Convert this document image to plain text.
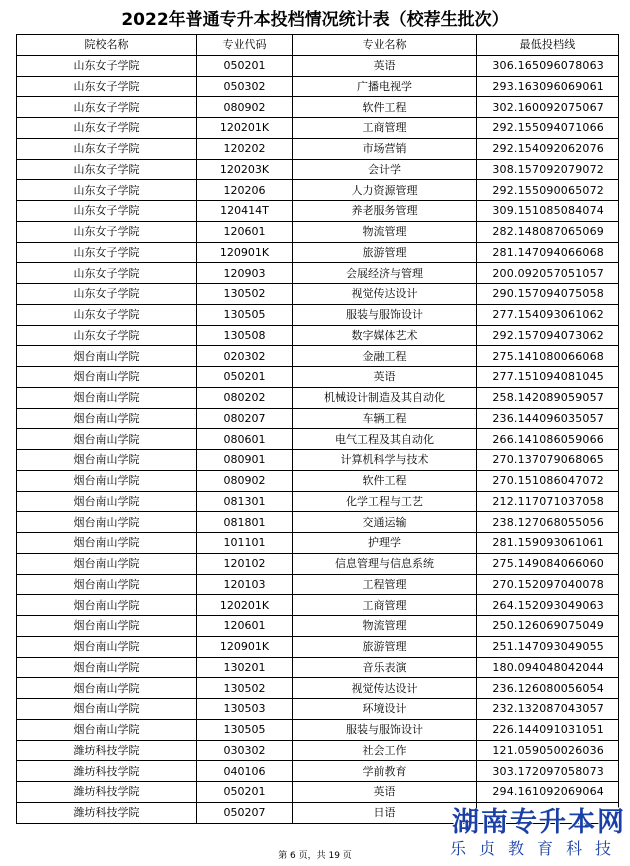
2022年普通专升本投档情况统计表（校荐生批次）
院校名称	专业代码	专业名称	最低投档线
山东女子学院	050201	英语	306.165096078063
山东女子学院	050302	广播电视学	293.163096069061
山东女子学院	080902	软件工程	302.160092075067
山东女子学院	120201K	工商管理	292.155094071066
山东女子学院	120202	市场营销	292.154092062076
山东女子学院	120203K	会计学	308.157092079072
山东女子学院	120206	人力资源管理	292.155090065072
山东女子学院	120414T	养老服务管理	309.151085084074
山东女子学院	120601	物流管理	282.148087065069
山东女子学院	120901K	旅游管理	281.147094066068
山东女子学院	120903	会展经济与管理	200.092057051057
山东女子学院	130502	视觉传达设计	290.157094075058
山东女子学院	130505	服装与服饰设计	277.154093061062
山东女子学院	130508	数字媒体艺术	292.157094073062
烟台南山学院	020302	金融工程	275.141080066068
烟台南山学院	050201	英语	277.151094081045
烟台南山学院	080202	机械设计制造及其自动化	258.142089059057
烟台南山学院	080207	车辆工程	236.144096035057
烟台南山学院	080601	电气工程及其自动化	266.141086059066
烟台南山学院	080901	计算机科学与技术	270.137079068065
烟台南山学院	080902	软件工程	270.151086047072
烟台南山学院	081301	化学工程与工艺	212.117071037058
烟台南山学院	081801	交通运输	238.127068055056
烟台南山学院	101101	护理学	281.159093061061
烟台南山学院	120102	信息管理与信息系统	275.149084066060
烟台南山学院	120103	工程管理	270.152097040078
烟台南山学院	120201K	工商管理	264.152093049063
烟台南山学院	120601	物流管理	250.126069075049
烟台南山学院	120901K	旅游管理	251.147093049055
烟台南山学院	130201	音乐表演	180.094048042044
烟台南山学院	130502	视觉传达设计	236.126080056054
烟台南山学院	130503	环境设计	232.132087043057
烟台南山学院	130505	服装与服饰设计	226.144091031051
潍坊科技学院	030302	社会工作	121.059050026036
潍坊科技学院	040106	学前教育	303.172097058073
潍坊科技学院	050201	英语	294.161092069064
潍坊科技学院	050207	日语	
第 6 页，共 19 页
湖南专升本网
乐贞教育科技
